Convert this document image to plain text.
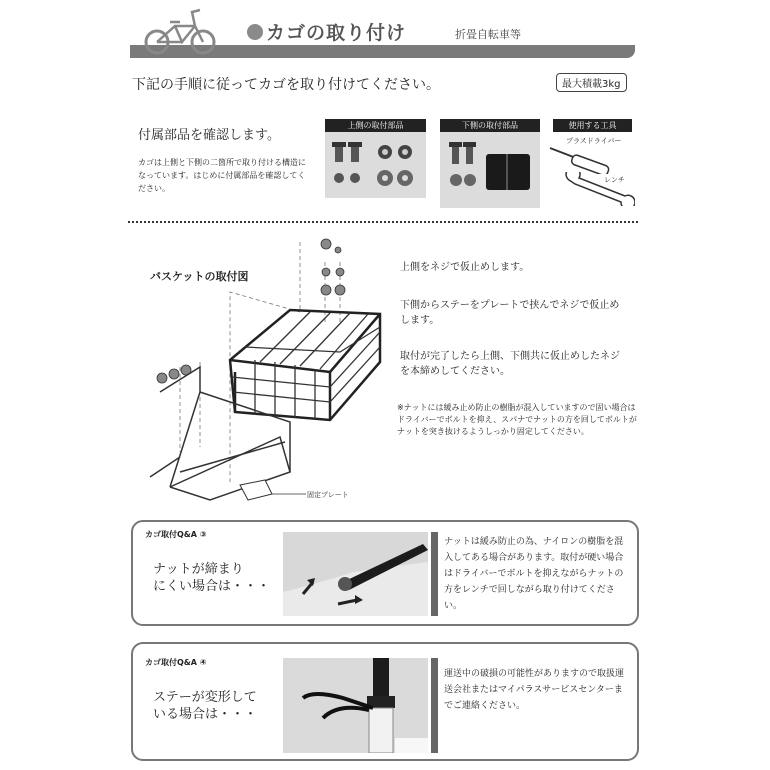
カゴの取り付け	折畳自転車等
下記の手順に従ってカゴを取り付けてください。	最大積載3kg
付属部品を確認します。
カゴは上側と下側の二箇所で取り付ける構造になっています。はじめに付属部品を確認してください。
上側の取付部品	下側の取付部品	使用する工具
プラスドライバー
レンチ
バスケットの取付図
固定プレート
上側をネジで仮止めします。
下側からステーをプレートで挟んでネジで仮止めします。
取付が完了したら上側、下側共に仮止めしたネジを本締めしてください。
※ナットには緩み止め防止の樹脂が混入していますので固い場合はドライバーでボルトを抑え、スパナでナットの方を回してボルトがナットを突き抜けるようしっかり固定してください。
カゴ取付Q&A ③
ナットが締まり
にくい場合は・・・
ナットは緩み防止の為、ナイロンの樹脂を混入してある場合があります。取付が硬い場合はドライバーでボルトを抑えながらナットの方をレンチで回しながら取り付けてください。
カゴ取付Q&A ④
ステーが変形して
いる場合は・・・
運送中の破損の可能性がありますので取扱運送会社またはマイパラスサービスセンターまでご連絡ください。
